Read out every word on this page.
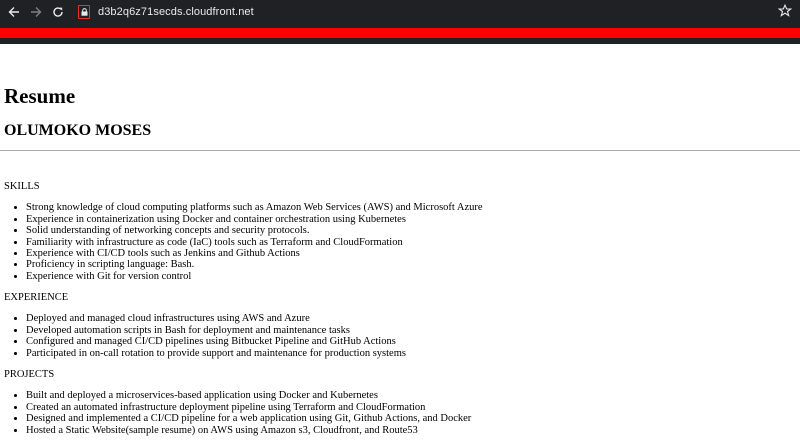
d3b2q6z71secds.cloudfront.net
Resume
OLUMOKO MOSES

SKILLS

• Strong knowledge of cloud computing platforms such as Amazon Web Services (AWS) and Microsoft Azure
• Experience in containerization using Docker and container orchestration using Kubernetes
• Solid understanding of networking concepts and security protocols.
• Familiarity with infrastructure as code (IaC) tools such as Terraform and CloudFormation
• Experience with CI/CD tools such as Jenkins and Github Actions
• Proficiency in scripting language: Bash.
• Experience with Git for version control

EXPERIENCE

• Deployed and managed cloud infrastructures using AWS and Azure
• Developed automation scripts in Bash for deployment and maintenance tasks
• Configured and managed CI/CD pipelines using Bitbucket Pipeline and GitHub Actions
• Participated in on-call rotation to provide support and maintenance for production systems

PROJECTS

• Built and deployed a microservices-based application using Docker and Kubernetes
• Created an automated infrastructure deployment pipeline using Terraform and CloudFormation
• Designed and implemented a CI/CD pipeline for a web application using Git, Github Actions, and Docker
• Hosted a Static Website(sample resume) on AWS using Amazon s3, Cloudfront, and Route53
